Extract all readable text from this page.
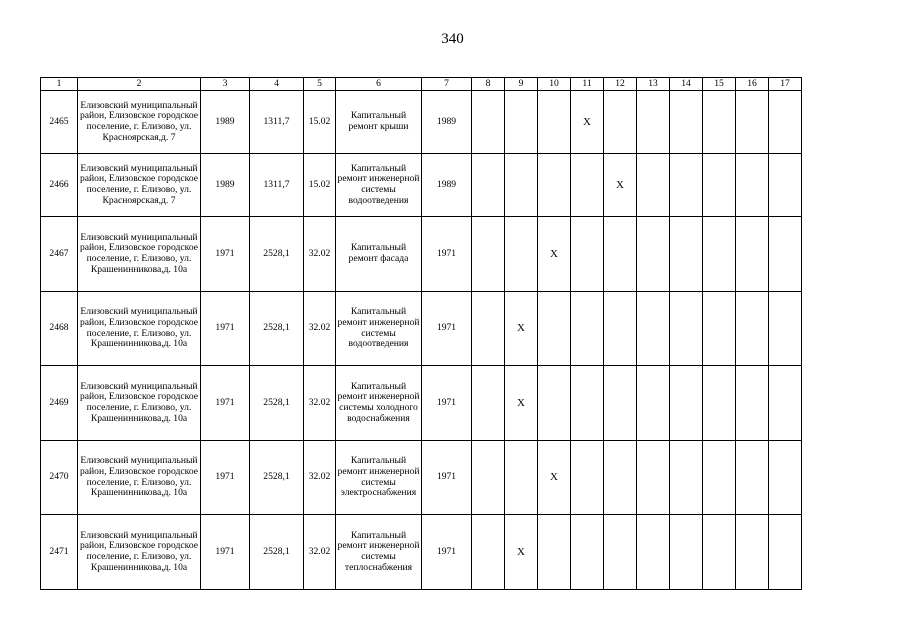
340
1	2	3	4	5	6	7	8	9	10	11	12	13	14	15	16	17
2465	Елизовский муниципальный район, Елизовское городское поселение, г. Елизово, ул. Красноярская,д. 7	1989	1311,7	15.02	Капитальный ремонт крыши	1989				Х						
2466	Елизовский муниципальный район, Елизовское городское поселение, г. Елизово, ул. Красноярская,д. 7	1989	1311,7	15.02	Капитальный ремонт инженерной системы водоотведения	1989					Х					
2467	Елизовский муниципальный район, Елизовское городское поселение, г. Елизово, ул. Крашенинникова,д. 10а	1971	2528,1	32.02	Капитальный ремонт фасада	1971			Х							
2468	Елизовский муниципальный район, Елизовское городское поселение, г. Елизово, ул. Крашенинникова,д. 10а	1971	2528,1	32.02	Капитальный ремонт инженерной системы водоотведения	1971		Х								
2469	Елизовский муниципальный район, Елизовское городское поселение, г. Елизово, ул. Крашенинникова,д. 10а	1971	2528,1	32.02	Капитальный ремонт инженерной системы холодного водоснабжения	1971		Х								
2470	Елизовский муниципальный район, Елизовское городское поселение, г. Елизово, ул. Крашенинникова,д. 10а	1971	2528,1	32.02	Капитальный ремонт инженерной системы электроснабжения	1971			Х							
2471	Елизовский муниципальный район, Елизовское городское поселение, г. Елизово, ул. Крашенинникова,д. 10а	1971	2528,1	32.02	Капитальный ремонт инженерной системы теплоснабжения	1971		Х								
